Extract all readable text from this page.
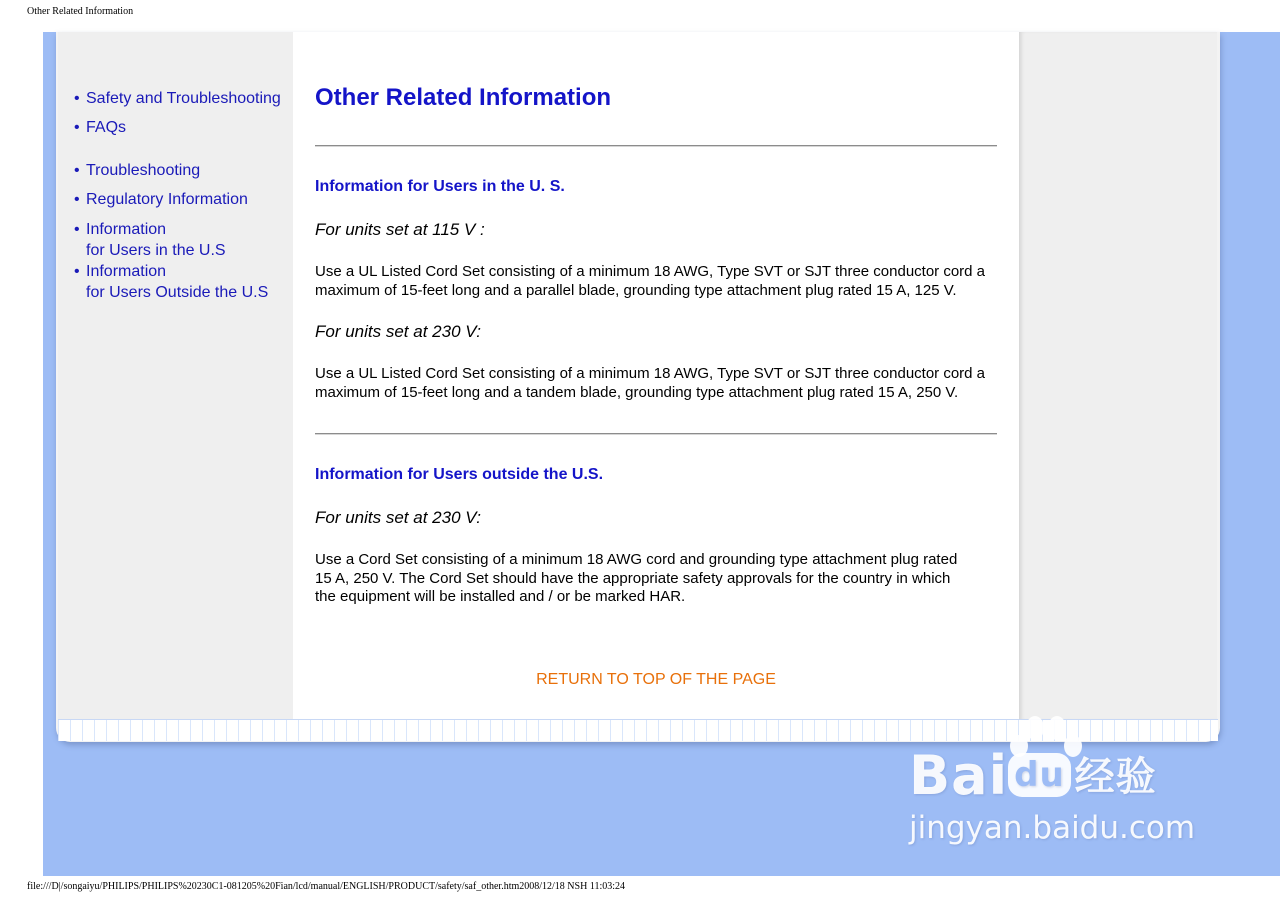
Other Related Information
• Safety and Troubleshooting
• FAQs
• Troubleshooting
• Regulatory Information
• Information
for Users in the U.S
• Information
for Users Outside the U.S
Other Related Information
Information for Users in the U. S.

For units set at 115 V :

Use a UL Listed Cord Set consisting of a minimum 18 AWG, Type SVT or SJT three conductor cord a maximum of 15-feet long and a parallel blade, grounding type attachment plug rated 15 A, 125 V.

For units set at 230 V:

Use a UL Listed Cord Set consisting of a minimum 18 AWG, Type SVT or SJT three conductor cord a maximum of 15-feet long and a tandem blade, grounding type attachment plug rated 15 A, 250 V.

Information for Users outside the U.S.

For units set at 230 V:

Use a Cord Set consisting of a minimum 18 AWG cord and grounding type attachment plug rated
15 A, 250 V. The Cord Set should have the appropriate safety approvals for the country in which
the equipment will be installed and / or be marked HAR.

RETURN TO TOP OF THE PAGE
Bai du 经验
jingyan.baidu.com
file:///D|/songaiyu/PHILIPS/PHILIPS%20230C1-081205%20Fian/lcd/manual/ENGLISH/PRODUCT/safety/saf_other.htm2008/12/18 NSH 11:03:24
